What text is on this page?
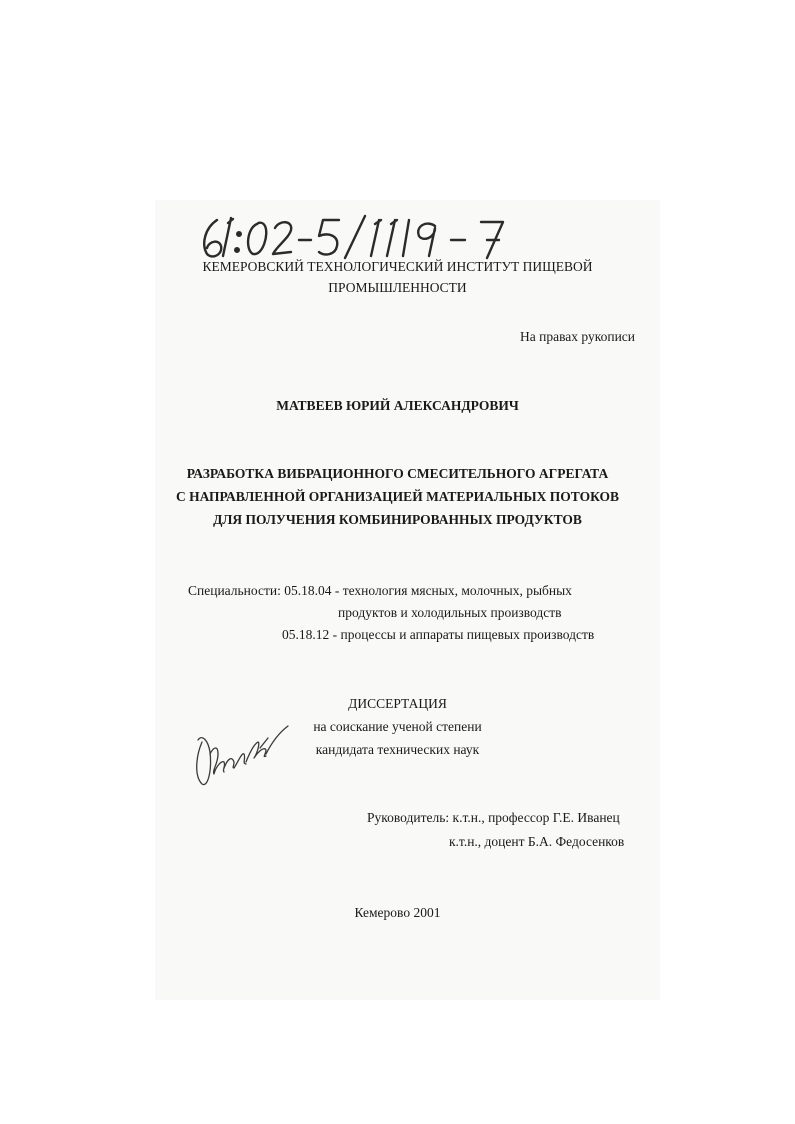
КЕМЕРОВСКИЙ ТЕХНОЛОГИЧЕСКИЙ ИНСТИТУТ ПИЩЕВОЙ
ПРОМЫШЛЕННОСТИ
На правах рукописи
МАТВЕЕВ ЮРИЙ АЛЕКСАНДРОВИЧ
РАЗРАБОТКА ВИБРАЦИОННОГО СМЕСИТЕЛЬНОГО АГРЕГАТА
С НАПРАВЛЕННОЙ ОРГАНИЗАЦИЕЙ МАТЕРИАЛЬНЫХ ПОТОКОВ
ДЛЯ ПОЛУЧЕНИЯ КОМБИНИРОВАННЫХ ПРОДУКТОВ
Специальности: 05.18.04 - технология мясных, молочных, рыбных
продуктов и холодильных производств
05.18.12 - процессы и аппараты пищевых производств
ДИССЕРТАЦИЯ
на соискание ученой степени
кандидата технических наук
Руководитель: к.т.н., профессор Г.Е. Иванец
к.т.н., доцент Б.А. Федосенков
Кемерово 2001
